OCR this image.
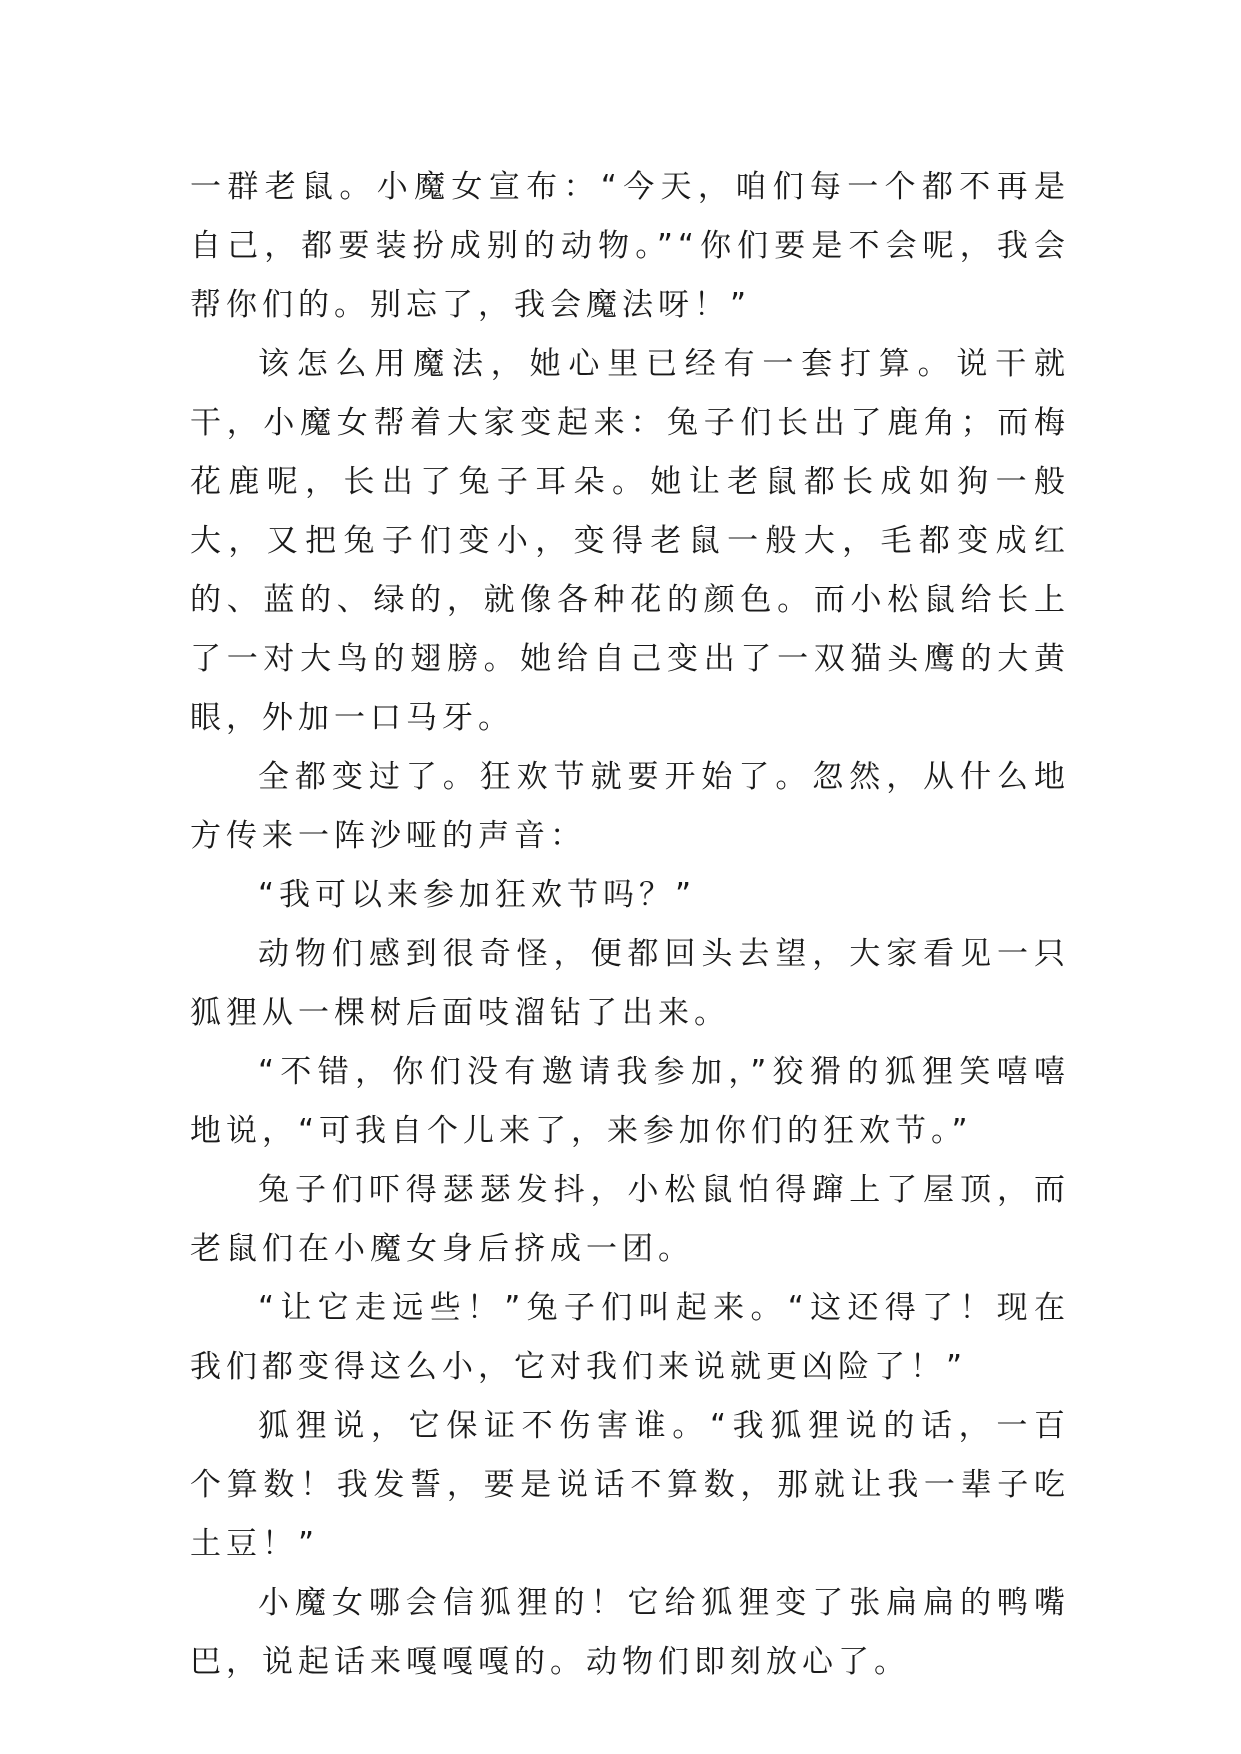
一群老鼠。小魔女宣布：“今天，咱们每一个都不再是自己，都要装扮成别的动物。”“你们要是不会呢，我会帮你们的。别忘了，我会魔法呀！”

该怎么用魔法，她心里已经有一套打算。说干就干，小魔女帮着大家变起来：兔子们长出了鹿角；而梅花鹿呢，长出了兔子耳朵。她让老鼠都长成如狗一般大，又把兔子们变小，变得老鼠一般大，毛都变成红的、蓝的、绿的，就像各种花的颜色。而小松鼠给长上了一对大鸟的翅膀。她给自己变出了一双猫头鹰的大黄眼，外加一口马牙。

全都变过了。狂欢节就要开始了。忽然，从什么地方传来一阵沙哑的声音：

“我可以来参加狂欢节吗？”

动物们感到很奇怪，便都回头去望，大家看见一只狐狸从一棵树后面吱溜钻了出来。

“不错，你们没有邀请我参加，”狡猾的狐狸笑嘻嘻地说，“可我自个儿来了，来参加你们的狂欢节。”

兔子们吓得瑟瑟发抖，小松鼠怕得蹿上了屋顶，而老鼠们在小魔女身后挤成一团。

“让它走远些！”兔子们叫起来。“这还得了！现在我们都变得这么小，它对我们来说就更凶险了！”

狐狸说，它保证不伤害谁。“我狐狸说的话，一百个算数！我发誓，要是说话不算数，那就让我一辈子吃土豆！”

小魔女哪会信狐狸的！它给狐狸变了张扁扁的鸭嘴巴，说起话来嘎嘎嘎的。动物们即刻放心了。
